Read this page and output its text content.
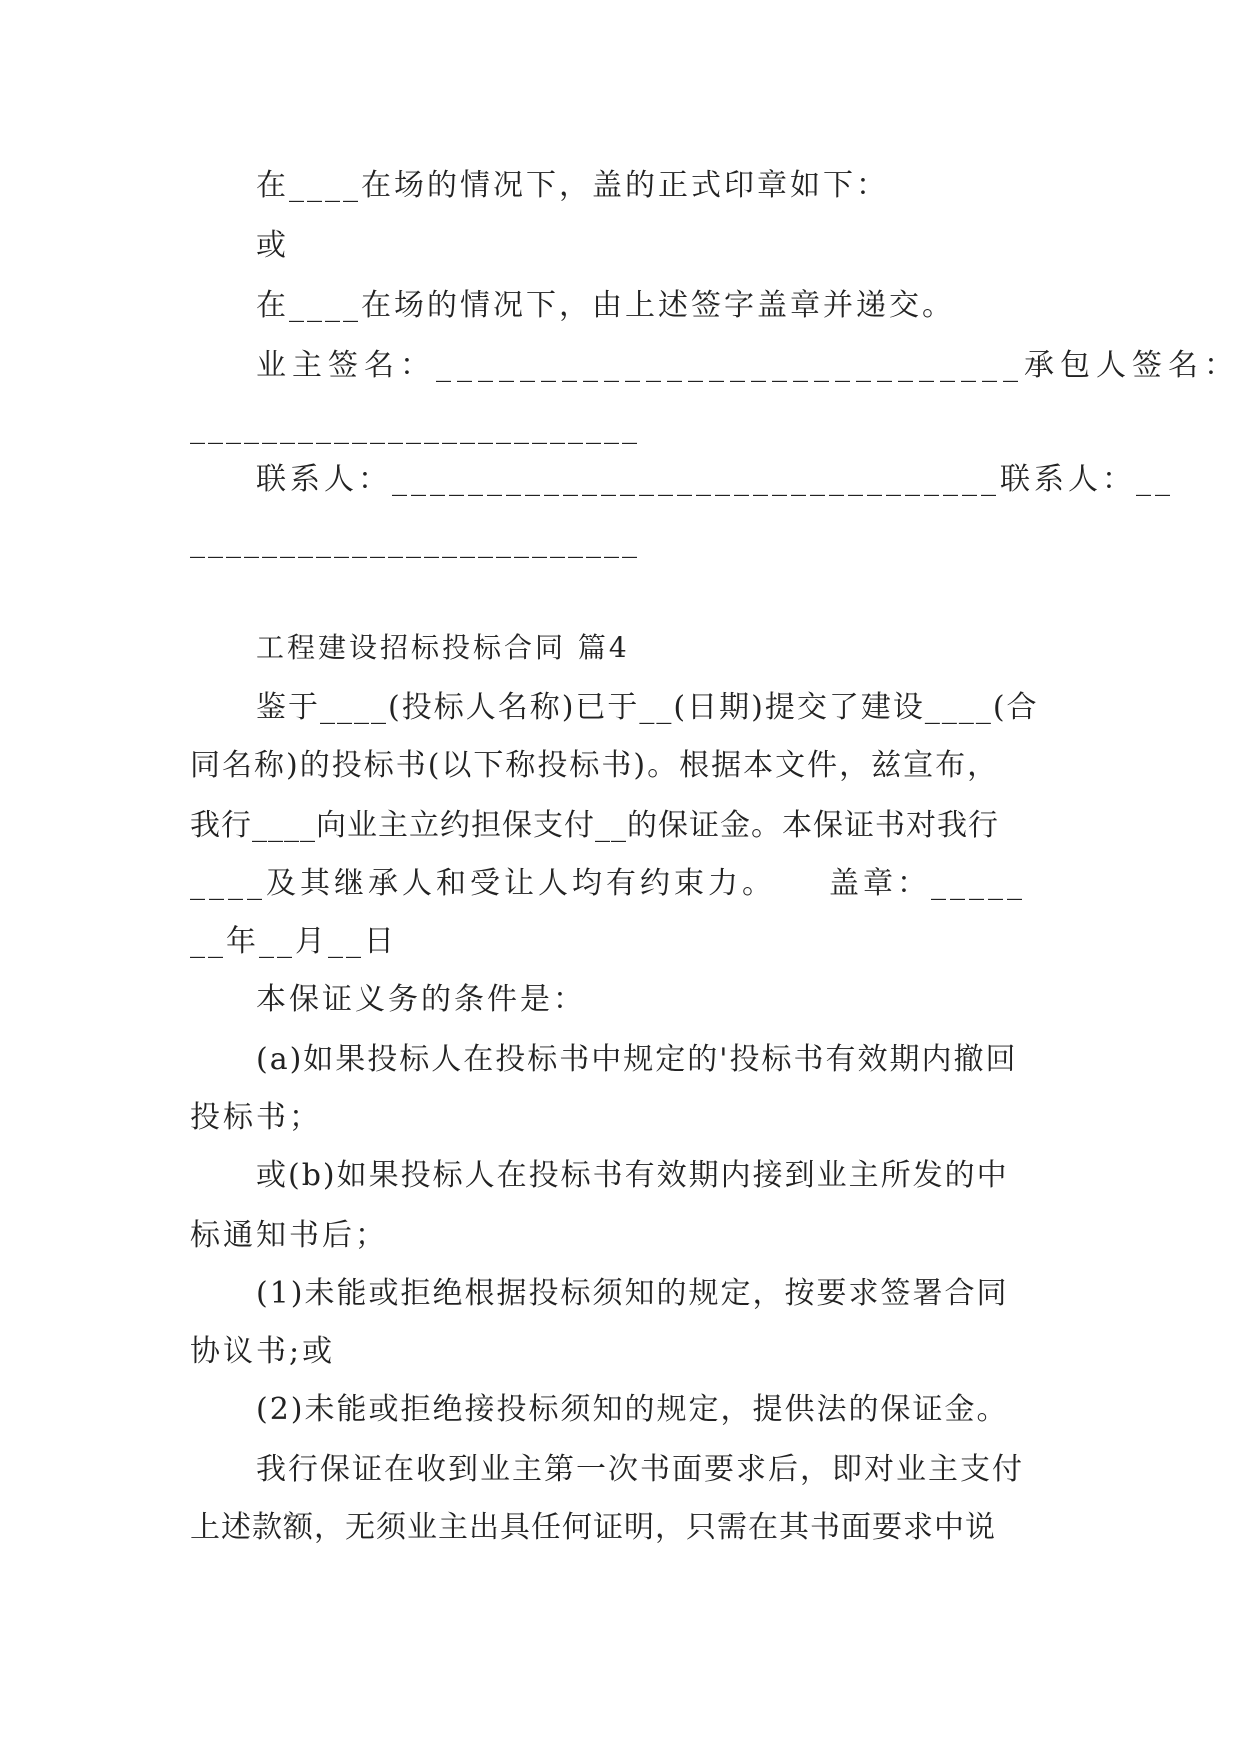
在____在场的情况下，盖的正式印章如下：

或

在____在场的情况下，由上述签字盖章并递交。

业主签名：____________________________承包人签名：

_________________________

联系人：________________________________联系人：__

_________________________

工程建设招标投标合同 篇4

鉴于____(投标人名称)已于__(日期)提交了建设____(合

同名称)的投标书(以下称投标书)。根据本文件，兹宣布，

我行____向业主立约担保支付__的保证金。本保证书对我行

____及其继承人和受让人均有约束力。　　盖章：_____

__年__月__日

本保证义务的条件是：

(a)如果投标人在投标书中规定的'投标书有效期内撤回

投标书；

或(b)如果投标人在投标书有效期内接到业主所发的中

标通知书后；

(1)未能或拒绝根据投标须知的规定，按要求签署合同

协议书;或

(2)未能或拒绝接投标须知的规定，提供法的保证金。

我行保证在收到业主第一次书面要求后，即对业主支付

上述款额，无须业主出具任何证明，只需在其书面要求中说
